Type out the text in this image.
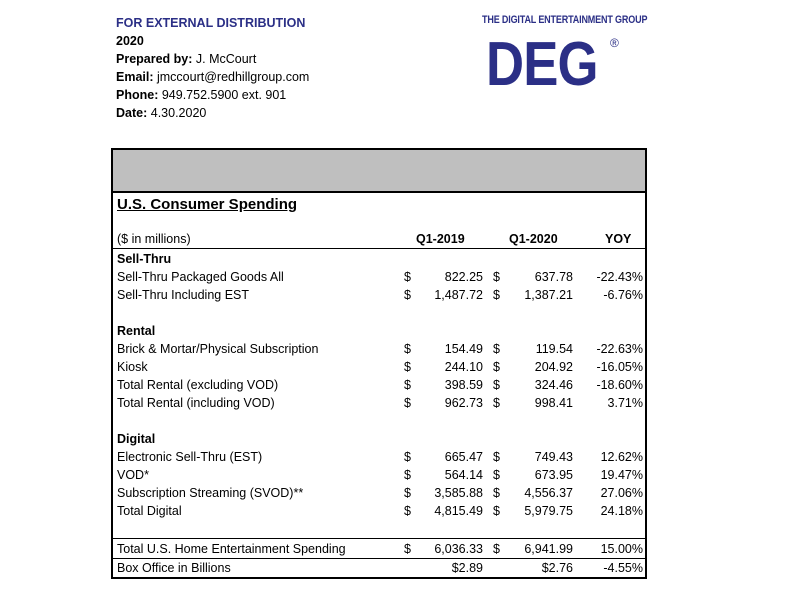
FOR EXTERNAL DISTRIBUTION
2020
Prepared by: J. McCourt
Email: jmccourt@redhillgroup.com
Phone: 949.752.5900 ext. 901
Date: 4.30.2020
THE DIGITAL ENTERTAINMENT GROUP
DEG ®
U.S. Consumer Spending
($ in millions)	Q1-2019	Q1-2020	YOY
Sell-Thru
Sell-Thru Packaged Goods All	$	822.25 $	637.78	-22.43%
Sell-Thru Including EST	$	1,487.72 $	1,387.21	-6.76%
Rental
Brick & Mortar/Physical Subscription	$	154.49 $	119.54	-22.63%
Kiosk	$	244.10 $	204.92	-16.05%
Total Rental (excluding VOD)	$	398.59 $	324.46	-18.60%
Total Rental (including VOD)	$	962.73 $	998.41	3.71%
Digital
Electronic Sell-Thru (EST)	$	665.47 $	749.43	12.62%
VOD*	$	564.14 $	673.95	19.47%
Subscription Streaming (SVOD)**	$	3,585.88 $	4,556.37	27.06%
Total Digital	$	4,815.49 $	5,979.75	24.18%
Total U.S. Home Entertainment Spending	$	6,036.33 $	6,941.99	15.00%
Box Office in Billions	$2.89	$2.76	-4.55%
